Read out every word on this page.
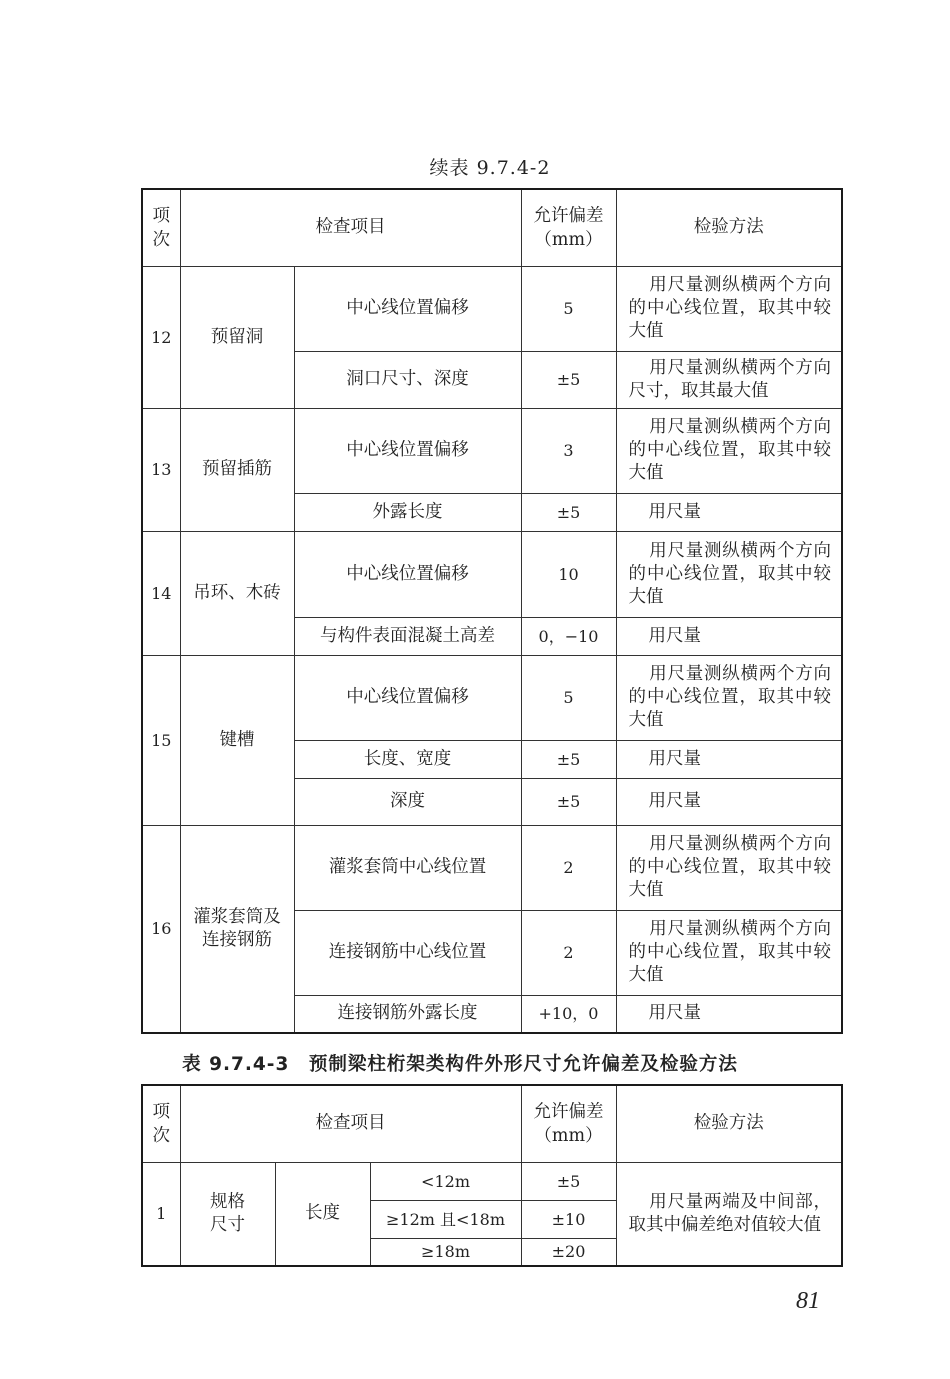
续表 9.7.4-2
项次	检查项目		允许偏差（mm）	检验方法
12	预留洞	中心线位置偏移	5	用尺量测纵横两个方向的中心线位置，取其中较大值
		洞口尺寸、深度	±5	用尺量测纵横两个方向尺寸，取其最大值
13	预留插筋	中心线位置偏移	3	用尺量测纵横两个方向的中心线位置，取其中较大值
		外露长度	±5	用尺量
14	吊环、木砖	中心线位置偏移	10	用尺量测纵横两个方向的中心线位置，取其中较大值
		与构件表面混凝土高差	0，−10	用尺量
15	键槽	中心线位置偏移	5	用尺量测纵横两个方向的中心线位置，取其中较大值
		长度、宽度	±5	用尺量
		深度	±5	用尺量
16	灌浆套筒及连接钢筋	灌浆套筒中心线位置	2	用尺量测纵横两个方向的中心线位置，取其中较大值
		连接钢筋中心线位置	2	用尺量测纵横两个方向的中心线位置，取其中较大值
		连接钢筋外露长度	+10，0	用尺量
表 9.7.4-3　预制梁柱桁架类构件外形尺寸允许偏差及检验方法
项次	检查项目			允许偏差（mm）	检验方法
1	规格尺寸	长度	<12m	±5	用尺量两端及中间部，取其中偏差绝对值较大值
			≥12m 且<18m	±10	
			≥18m	±20	
81
